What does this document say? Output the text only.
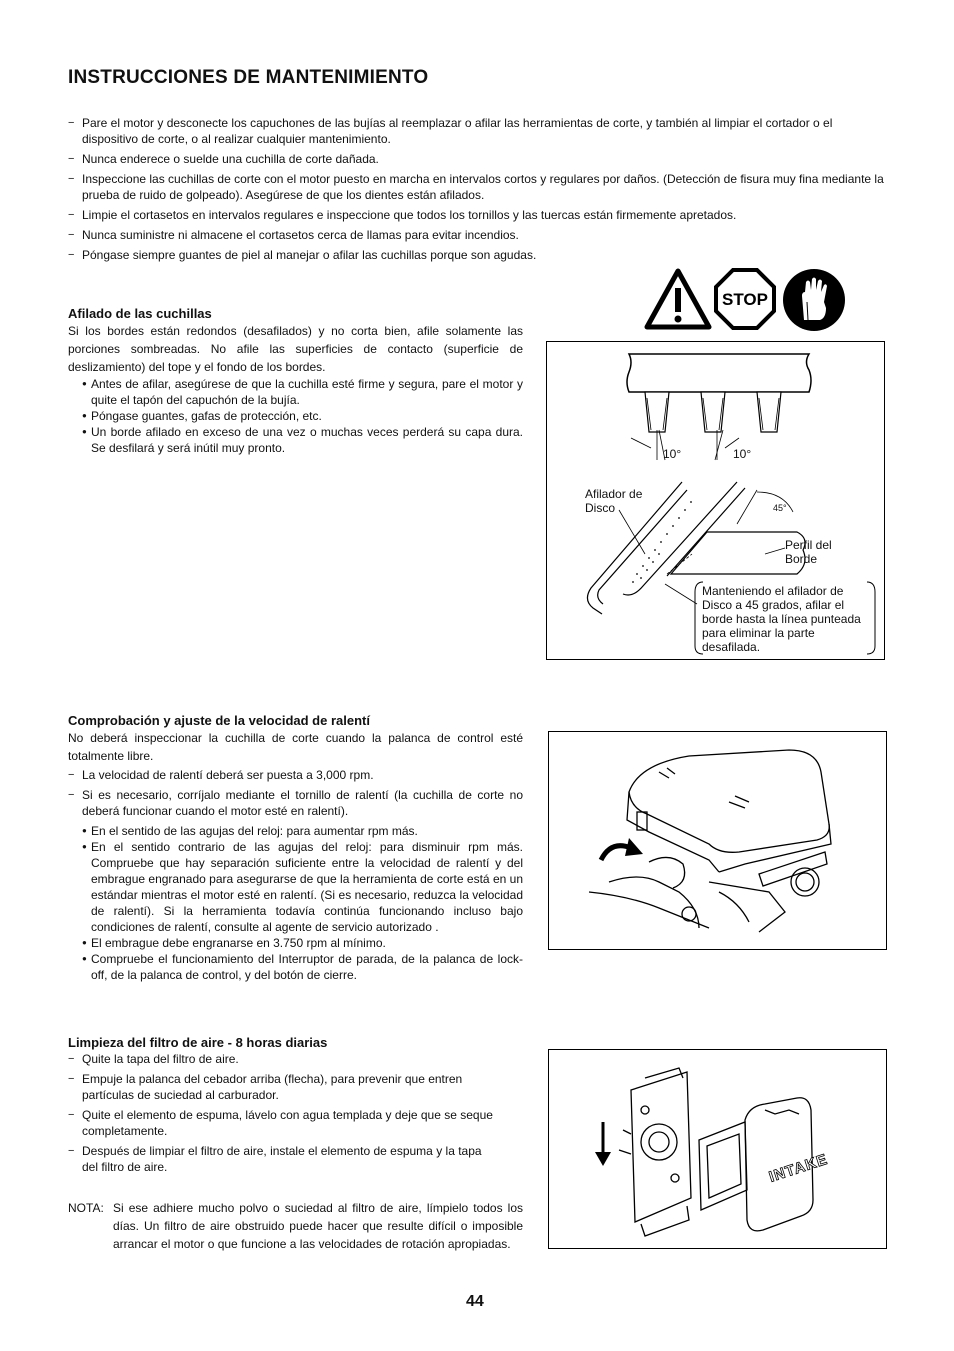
INSTRUCCIONES DE MANTENIMIENTO
− Pare el motor y desconecte los capuchones de las bujías al reemplazar o afilar las herramientas de corte, y también al limpiar el cortador o el dispositivo de corte, o al realizar cualquier mantenimiento.
− Nunca enderece o suelde una cuchilla de corte dañada.
− Inspeccione las cuchillas de corte con el motor puesto en marcha en intervalos cortos y regulares por daños. (Detección de fisura muy fina mediante la prueba de ruido de golpeado). Asegúrese de que los dientes están afilados.
− Limpie el cortasetos en intervalos regulares e inspeccione que todos los tornillos y las tuercas están firmemente apretados.
− Nunca suministre ni almacene el cortasetos cerca de llamas para evitar incendios.
− Póngase siempre guantes de piel al manejar o afilar las cuchillas porque son agudas.
STOP
Afilado de las cuchillas

Si los bordes están redondos (desafilados) y no corta bien, afile solamente las porciones sombreadas. No afile las superficies de contacto (superficie de deslizamiento) del tope y el fondo de los bordes.

● Antes de afilar, asegúrese de que la cuchilla esté firme y segura, pare el motor y quite el tapón del capuchón de la bujía.
● Póngase guantes, gafas de protección, etc.
● Un borde afilado en exceso de una vez o muchas veces perderá su capa dura. Se desfilará y será inútil muy pronto.	10°	10°
45°
Afilador de Disco
Perfil del Borde
Manteniendo el afilador de Disco a 45 grados, afilar el borde hasta la línea punteada para eliminar la parte desafilada.
Comprobación y ajuste de la velocidad de ralentí

No deberá inspeccionar la cuchilla de corte cuando la palanca de control esté totalmente libre.

− La velocidad de ralentí deberá ser puesta a 3,000 rpm.
− Si es necesario, corríjalo mediante el tornillo de ralentí (la cuchilla de corte no deberá funcionar cuando el motor esté en ralentí).
● En el sentido de las agujas del reloj: para aumentar rpm más.
● En el sentido contrario de las agujas del reloj: para disminuir rpm más. Compruebe que hay separación suficiente entre la velocidad de ralentí y del embrague engranado para asegurarse de que la herramienta de corte está en un estándar mientras el motor esté en ralentí. (Si es necesario, reduzca la velocidad de ralentí). Si la herramienta todavía continúa funcionando incluso bajo condiciones de ralentí, consulte al agente de servicio autorizado .
● El embrague debe engranarse en 3.750 rpm al mínimo.
● Compruebe el funcionamiento del Interruptor de parada, de la palanca de lock-off, de la palanca de control, y del botón de cierre.
Limpieza del filtro de aire - 8 horas diarias
− Quite la tapa del filtro de aire.
− Empuje la palanca del cebador arriba (flecha), para prevenir que entren partículas de suciedad al carburador.
− Quite el elemento de espuma, lávelo con agua templada y deje que se seque completamente.
− Después de limpiar el filtro de aire, instale el elemento de espuma y la tapa del filtro de aire.
NOTA: Si ese adhiere mucho polvo o suciedad al filtro de aire, límpielo todos los días. Un filtro de aire obstruido puede hacer que resulte difícil o imposible arrancar el motor o que funcione a las velocidades de rotación apropiadas.
INTAKE
44
